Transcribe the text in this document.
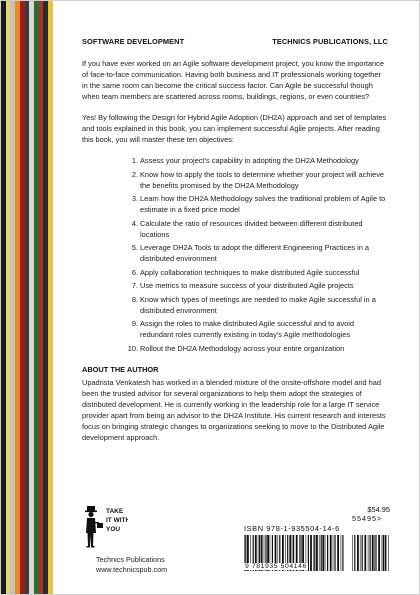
SOFTWARE DEVELOPMENT	TECHNICS PUBLICATIONS, LLC

If you have ever worked on an Agile software development project, you know the importance of face-to-face communication. Having both business and IT professionals working together in the same room can become the critical success factor. Can Agile be successful though when team members are scattered across rooms, buildings, regions, or even countries?

Yes! By following the Design for Hybrid Agile Adoption (DH2A) approach and set of templates and tools explained in this book, you can implement successful Agile projects. After reading this book, you will master these ten objectives:

1. Assess your project’s capability in adopting the DH2A Methodology
2. Know how to apply the tools to determine whether your project will achieve the benefits promised by the DH2A Methodology
3. Learn how the DH2A Methodology solves the traditional problem of Agile to estimate in a fixed price model
4. Calculate the ratio of resources divided between different distributed locations
5. Leverage DH2A Tools to adopt the different Engineering Practices in a distributed environment
6. Apply collaboration techniques to make distributed Agile successful
7. Use metrics to measure success of your distributed Agile projects
8. Know which types of meetings are needed to make Agile successful in a distributed environment
9. Assign the roles to make distributed Agile successful and to avoid redundant roles currently existing in today’s Agile methodologies
10. Rollout the DH2A Methodology across your entire organization
ABOUT THE AUTHOR

Upadrista Venkatesh has worked in a blended mixture of the onsite-offshore model and had been the trusted advisor for several organizations to help them adopt the strategies of distributed development. He is currently working in the leadership role for a large IT service provider apart from being an advisor to the DH2A Institute. His current research and interests focus on bringing strategic changes to organizations seeking to move to the Distributed Agile development approach.

TAKE
IT WITH
YOU
Technics Publications
www.technicspub.com
$54.95
55495>
ISBN 978-1-935504-14-6
9 781935 504146
